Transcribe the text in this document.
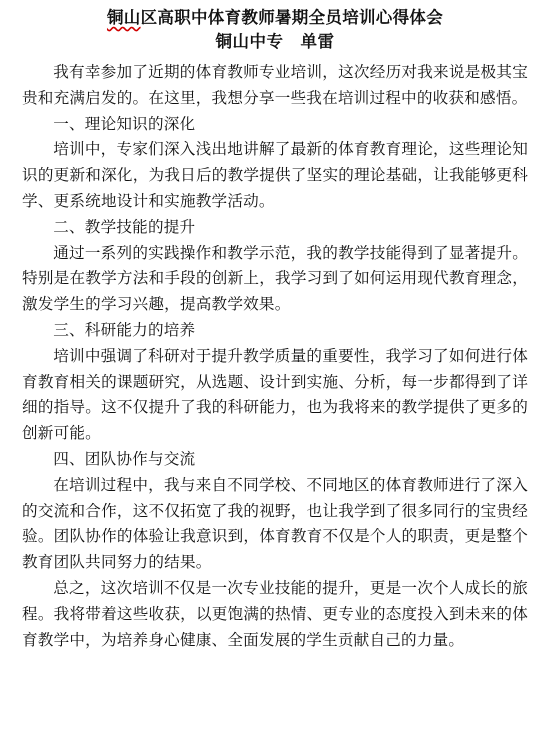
铜山区高职中体育教师暑期全员培训心得体会
铜山中专　单雷

我有幸参加了近期的体育教师专业培训，这次经历对我来说是极其宝贵和充满启发的。在这里，我想分享一些我在培训过程中的收获和感悟。

一、理论知识的深化

培训中，专家们深入浅出地讲解了最新的体育教育理论，这些理论知识的更新和深化，为我日后的教学提供了坚实的理论基础，让我能够更科学、更系统地设计和实施教学活动。

二、教学技能的提升

通过一系列的实践操作和教学示范，我的教学技能得到了显著提升。特别是在教学方法和手段的创新上，我学习到了如何运用现代教育理念，激发学生的学习兴趣，提高教学效果。

三、科研能力的培养

培训中强调了科研对于提升教学质量的重要性，我学习了如何进行体育教育相关的课题研究，从选题、设计到实施、分析，每一步都得到了详细的指导。这不仅提升了我的科研能力，也为我将来的教学提供了更多的创新可能。

四、团队协作与交流

在培训过程中，我与来自不同学校、不同地区的体育教师进行了深入的交流和合作，这不仅拓宽了我的视野，也让我学到了很多同行的宝贵经验。团队协作的体验让我意识到，体育教育不仅是个人的职责，更是整个教育团队共同努力的结果。

总之，这次培训不仅是一次专业技能的提升，更是一次个人成长的旅程。我将带着这些收获，以更饱满的热情、更专业的态度投入到未来的体育教学中，为培养身心健康、全面发展的学生贡献自己的力量。
